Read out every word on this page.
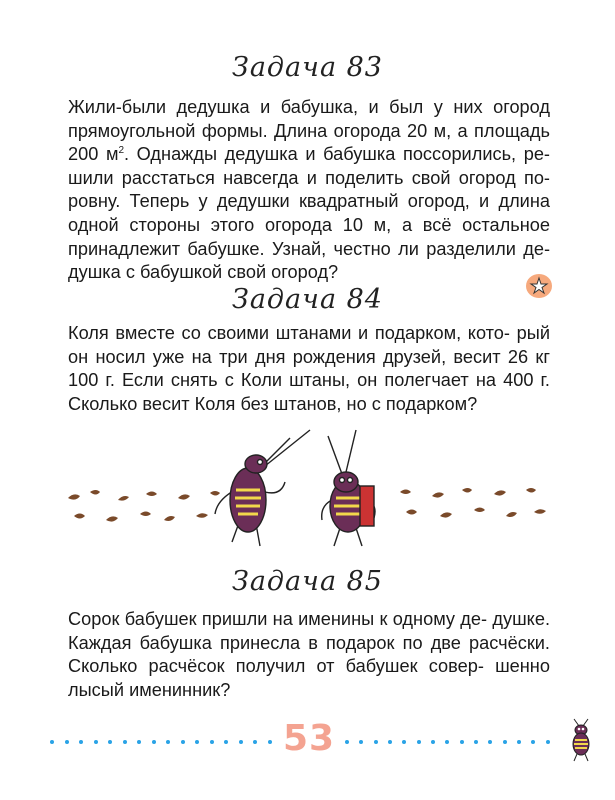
Задача 83
Жили-были дедушка и бабушка, и был у них огород прямоугольной формы. Длина огорода 20 м, а площадь 200 $м^2$. Однажды дедушка и бабушка поссорились, ре- шили расстаться навсегда и поделить свой огород по- ровну. Теперь у дедушки квадратный огород, и длина одной стороны этого огорода 10 м, а всё остальное принадлежит бабушке. Узнай, честно ли разделили де- душка с бабушкой свой огород?
Задача 84
Коля вместе со своими штанами и подарком, кото- рый он носил уже на три дня рождения друзей, весит 26 кг 100 г. Если снять с Коли штаны, он полегчает на 400 г. Сколько весит Коля без штанов, но с подарком?
Задача 85
Сорок бабушек пришли на именины к одному де- душке. Каждая бабушка принесла в подарок по две расчёски. Сколько расчёсок получил от бабушек совер- шенно лысый именинник?
53
